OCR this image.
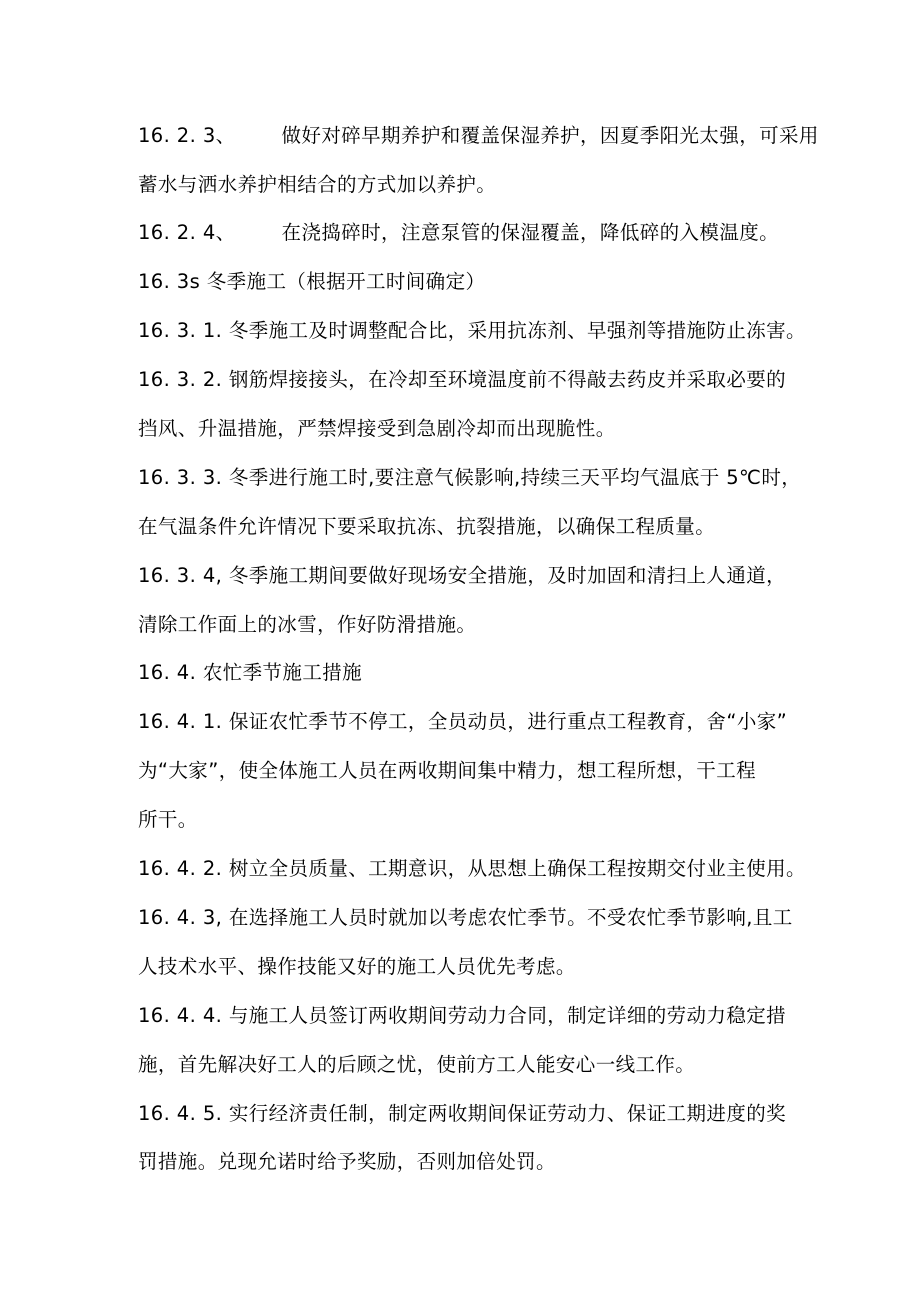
16. 2. 3、 做好对碎早期养护和覆盖保湿养护，因夏季阳光太强，可采用
蓄水与洒水养护相结合的方式加以养护。
16. 2. 4、 在浇捣碎时，注意泵管的保湿覆盖，降低碎的入模温度。
16. 3s 冬季施工（根据开工时间确定）
16. 3. 1. 冬季施工及时调整配合比，采用抗冻剂、早强剂等措施防止冻害。
16. 3. 2. 钢筋焊接接头，在冷却至环境温度前不得敲去药皮并采取必要的
挡风、升温措施，严禁焊接受到急剧冷却而出现脆性。
16. 3. 3. 冬季进行施工时,要注意气候影响,持续三天平均气温底于 5℃时，
在气温条件允许情况下要采取抗冻、抗裂措施，以确保工程质量。
16. 3. 4, 冬季施工期间要做好现场安全措施，及时加固和清扫上人通道，
清除工作面上的冰雪，作好防滑措施。
16. 4. 农忙季节施工措施
16. 4. 1. 保证农忙季节不停工，全员动员，进行重点工程教育，舍“小家”
为“大家”，使全体施工人员在两收期间集中精力，想工程所想，干工程
所干。
16. 4. 2. 树立全员质量、工期意识，从思想上确保工程按期交付业主使用。
16. 4. 3, 在选择施工人员时就加以考虑农忙季节。不受农忙季节影响,且工
人技术水平、操作技能又好的施工人员优先考虑。
16. 4. 4. 与施工人员签订两收期间劳动力合同，制定详细的劳动力稳定措
施，首先解决好工人的后顾之忧，使前方工人能安心一线工作。
16. 4. 5. 实行经济责任制，制定两收期间保证劳动力、保证工期进度的奖
罚措施。兑现允诺时给予奖励，否则加倍处罚。
